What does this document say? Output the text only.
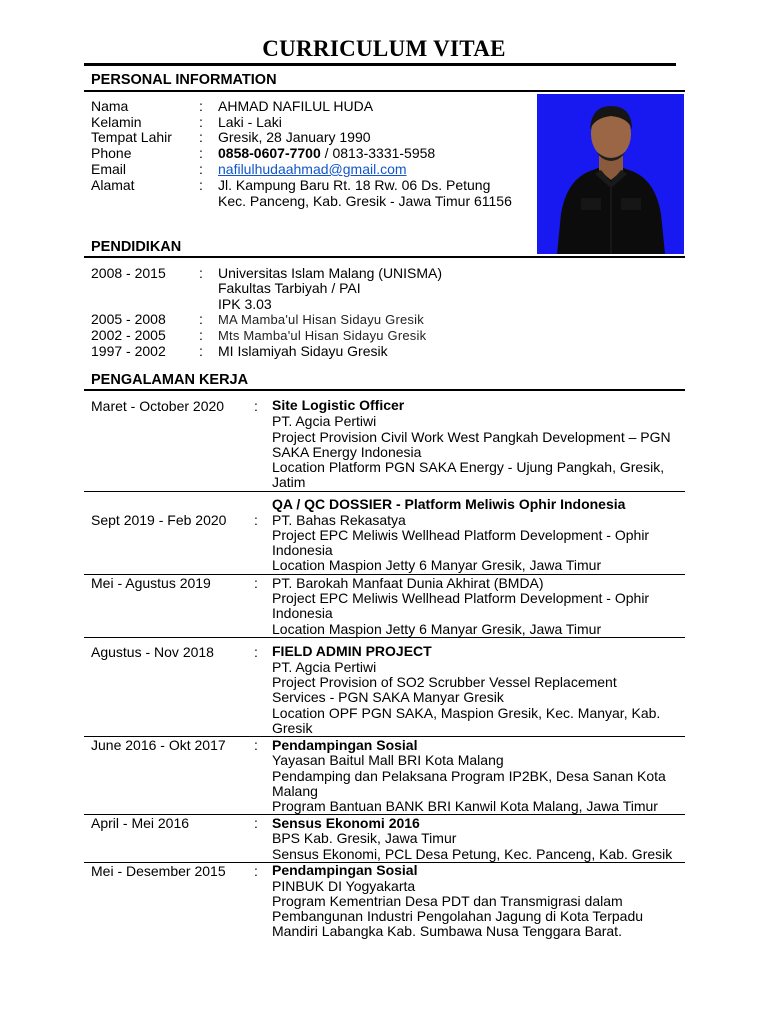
CURRICULUM VITAE
PERSONAL INFORMATION
Nama	: AHMAD NAFILUL HUDA
Kelamin	: Laki - Laki
Tempat Lahir : Gresik, 28 January 1990
Phone	: 0858-0607-7700 / 0813-3331-5958
Email	: nafilulhudaahmad@gmail.com
Alamat	: Jl. Kampung Baru Rt. 18 Rw. 06 Ds. Petung
Kec. Panceng, Kab. Gresik - Jawa Timur 61156
PENDIDIKAN
2008 - 2015 : Universitas Islam Malang (UNISMA)
Fakultas Tarbiyah / PAI
IPK 3.03
2005 - 2008 : MA Mamba'ul Hisan Sidayu Gresik
2002 - 2005 : Mts Mamba'ul Hisan Sidayu Gresik
1997 - 2002 : MI Islamiyah Sidayu Gresik
PENGALAMAN KERJA
Maret - October 2020 : Site Logistic Officer
PT. Agcia Pertiwi
Project Provision Civil Work West Pangkah Development – PGN
SAKA Energy Indonesia
Location Platform PGN SAKA Energy - Ujung Pangkah, Gresik,
Jatim
QA / QC DOSSIER - Platform Meliwis Ophir Indonesia
Sept 2019 - Feb 2020 : PT. Bahas Rekasatya
Project EPC Meliwis Wellhead Platform Development - Ophir
Indonesia
Location Maspion Jetty 6 Manyar Gresik, Jawa Timur
Mei - Agustus 2019	: PT. Barokah Manfaat Dunia Akhirat (BMDA)
Project EPC Meliwis Wellhead Platform Development - Ophir
Indonesia
Location Maspion Jetty 6 Manyar Gresik, Jawa Timur
Agustus - Nov 2018	: FIELD ADMIN PROJECT
PT. Agcia Pertiwi
Project Provision of SO2 Scrubber Vessel Replacement
Services - PGN SAKA Manyar Gresik
Location OPF PGN SAKA, Maspion Gresik, Kec. Manyar, Kab.
Gresik
June 2016 - Okt 2017 : Pendampingan Sosial
Yayasan Baitul Mall BRI Kota Malang
Pendamping dan Pelaksana Program IP2BK, Desa Sanan Kota
Malang
Program Bantuan BANK BRI Kanwil Kota Malang, Jawa Timur
April - Mei 2016	: Sensus Ekonomi 2016
BPS Kab. Gresik, Jawa Timur
Sensus Ekonomi, PCL Desa Petung, Kec. Panceng, Kab. Gresik
Mei - Desember 2015 : Pendampingan Sosial
PINBUK DI Yogyakarta
Program Kementrian Desa PDT dan Transmigrasi dalam
Pembangunan Industri Pengolahan Jagung di Kota Terpadu
Mandiri Labangka Kab. Sumbawa Nusa Tenggara Barat.
